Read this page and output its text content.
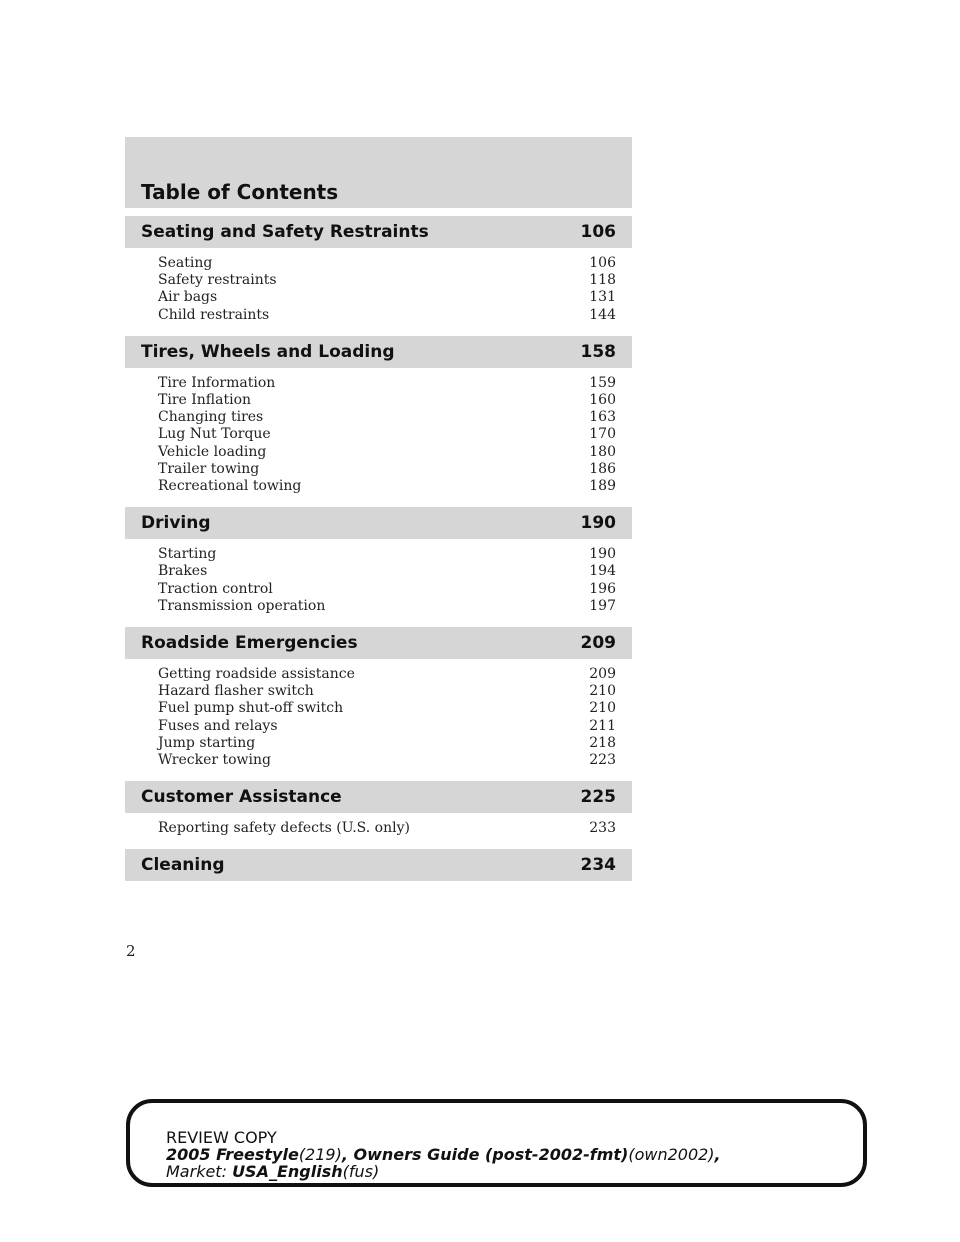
Table of Contents
Seating and Safety Restraints	106
Seating	106
Safety restraints	118
Air bags	131
Child restraints	144
Tires, Wheels and Loading	158
Tire Information	159
Tire Inflation	160
Changing tires	163
Lug Nut Torque	170
Vehicle loading	180
Trailer towing	186
Recreational towing	189
Driving	190
Starting	190
Brakes	194
Traction control	196
Transmission operation	197
Roadside Emergencies	209
Getting roadside assistance	209
Hazard flasher switch	210
Fuel pump shut-off switch	210
Fuses and relays	211
Jump starting	218
Wrecker towing	223
Customer Assistance	225
Reporting safety defects (U.S. only)	233
Cleaning	234
2
REVIEW COPY
2005 Freestyle(219), Owners Guide (post-2002-fmt)(own2002),
Market: USA_English(fus)
